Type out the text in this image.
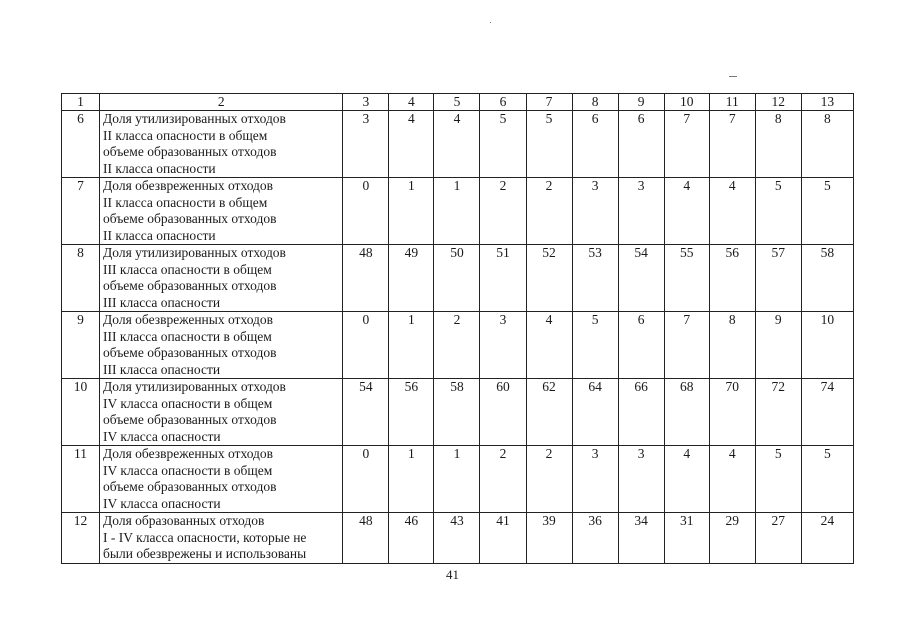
1	2	3	4	5	6	7	8	9	10	11	12	13
6	Доля утилизированных отходов
II класса опасности в общем
объеме образованных отходов
II класса опасности	3	4	4	5	5	6	6	7	7	8	8
7	Доля обезвреженных отходов
II класса опасности в общем
объеме образованных отходов
II класса опасности	0	1	1	2	2	3	3	4	4	5	5
8	Доля утилизированных отходов
III класса опасности в общем
объеме образованных отходов
III класса опасности	48	49	50	51	52	53	54	55	56	57	58
9	Доля обезвреженных отходов
III класса опасности в общем
объеме образованных отходов
III класса опасности	0	1	2	3	4	5	6	7	8	9	10
10	Доля утилизированных отходов
IV класса опасности в общем
объеме образованных отходов
IV класса опасности	54	56	58	60	62	64	66	68	70	72	74
11	Доля обезвреженных отходов
IV класса опасности в общем
объеме образованных отходов
IV класса опасности	0	1	1	2	2	3	3	4	4	5	5
12	Доля образованных отходов
I - IV класса опасности, которые не
были обезврежены и использованы	48	46	43	41	39	36	34	31	29	27	24
41
